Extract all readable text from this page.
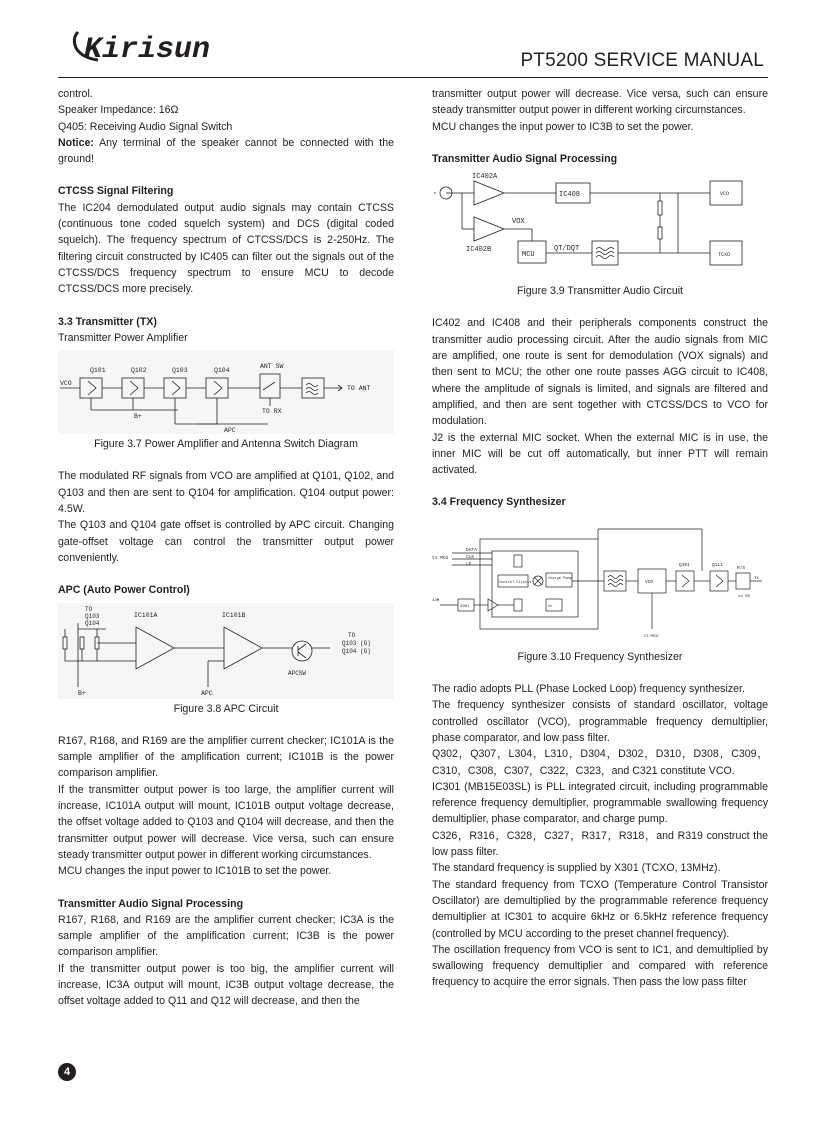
Kirisun	PT5200 SERVICE MANUAL

control.

Speaker Impedance: 16Ω

Q405: Receiving Audio Signal Switch

Notice: Any terminal of the speaker cannot be connected with the ground!

CTCSS Signal Filtering

The IC204 demodulated output audio signals may contain CTCSS (continuous tone coded squelch system) and DCS (digital coded squelch). The frequency spectrum of CTCSS/DCS is 2-250Hz. The filtering circuit constructed by IC405 can filter out the signals out of the CTCSS/DCS frequency spectrum to ensure MCU to decode CTCSS/DCS more precisely.

3.3 Transmitter (TX)

Transmitter Power Amplifier

Q101	Q102	Q103	Q104
ANT SW
VCO
TO ANT
B+
TO RX
APC

Figure 3.7 Power Amplifier and Antenna Switch Diagram

The modulated RF signals from VCO are amplified at Q101, Q102, and Q103 and then are sent to Q104 for amplification. Q104 output power: 4.5W.

The Q103 and Q104 gate offset is controlled by APC circuit. Changing gate-offset voltage can control the transmitter output power conveniently.

APC (Auto Power Control)

TO
Q103
Q104
IC101A	IC101B
TO
Q103 (G)
Q104 (G)
APCSW
B+	APC

Figure 3.8 APC Circuit

R167, R168, and R169 are the amplifier current checker; IC101A is the sample amplifier of the amplification current; IC101B is the power comparison amplifier.

If the transmitter output power is too large, the amplifier current will increase, IC101A output will mount, IC101B output voltage decrease, the offset voltage added to Q103 and Q104 will decrease, and then the transmitter output power will decrease. Vice versa, such can ensure steady transmitter output power in different working circumstances.

MCU changes the input power to IC101B to set the power.

Transmitter Audio Signal Processing

R167, R168, and R169 are the amplifier current checker; IC3A is the sample amplifier of the amplification current; IC3B is the power comparison amplifier.

If the transmitter output power is too big, the amplifier current will increase, IC3A output will mount, IC3B output voltage decrease, the offset voltage added to Q11 and Q12 will decrease, and then the

transmitter output power will decrease. Vice versa, such can ensure steady transmitter output power in different working circumstances.

MCU changes the input power to IC3B to set the power.

Transmitter Audio Signal Processing

IC402A
IC408	VCO
VOX
IC402B
MCU
QT/DQT
TCXO

Figure 3.9 Transmitter Audio Circuit

IC402 and IC408 and their peripherals components construct the transmitter audio processing circuit. After the audio signals from MIC are amplified, one route is sent for demodulation (VOX signals) and then sent to MCU; the other one route passes AGG circuit to IC408, where the amplitude of signals is limited, and signals are filtered and amplified, and then are sent together with CTCSS/DCS to VCO for modulation.

J2 is the external MIC socket. When the external MIC is in use, the inner MIC will be cut off automatically, but inner PTT will remain activated.

3.4 Frequency Synthesizer

DATA
CLK
LE
to MCU
Control Circuit
Charge Pump
VCO
Q101	Q111
R/S
X301
13M
UL
CT/MCU
to RX
TX

Figure 3.10 Frequency Synthesizer

The radio adopts PLL (Phase Locked Loop) frequency synthesizer.

The frequency synthesizer consists of standard oscillator, voltage controlled oscillator (VCO), programmable frequency demultiplier, phase comparator, and low pass filter.

Q302，Q307，L304，L310，D304，D302，D310，D308，C309，C310，C308，C307，C322，C323，and C321 constitute VCO.

IC301 (MB15E03SL) is PLL integrated circuit, including programmable reference frequency demultiplier, programmable swallowing frequency demultiplier, phase comparator, and charge pump.

C326，R316，C328，C327，R317，R318，and R319 construct the low pass filter.

The standard frequency is supplied by X301 (TCXO, 13MHz).

The standard frequency from TCXO (Temperature Control Transistor Oscillator) are demultiplied by the programmable reference frequency demultiplier at IC301 to acquire 6kHz or 6.5kHz reference frequency (controlled by MCU according to the preset channel frequency).

The oscillation frequency from VCO is sent to IC1, and demultiplied by swallowing frequency demultiplier and compared with reference frequency to acquire the error signals. Then pass the low pass filter

4
